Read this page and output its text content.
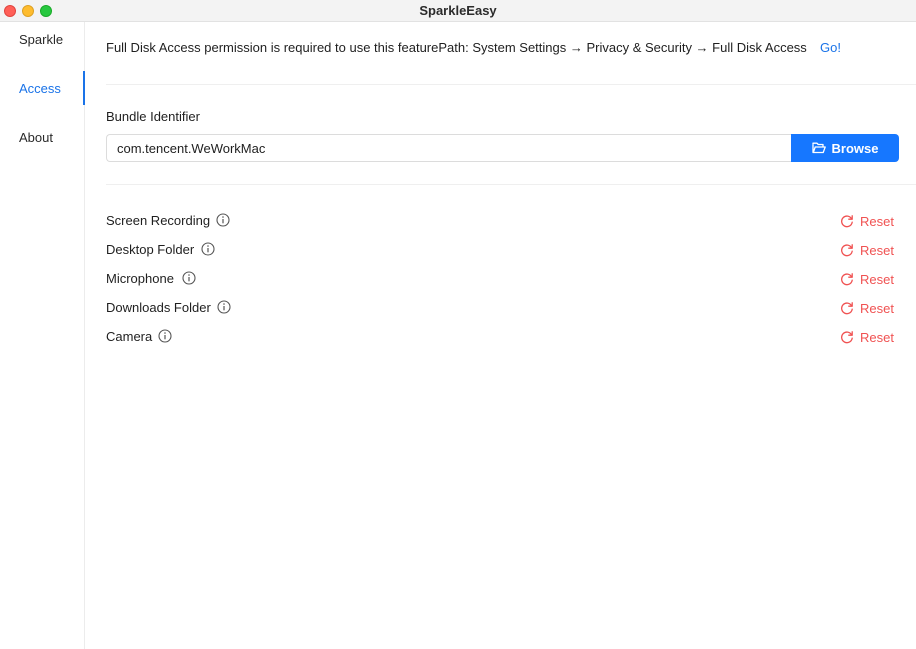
SparkleEasy
Sparkle
Access
About
Full Disk Access permission is required to use this featurePath: System Settings → Privacy & Security → Full Disk Access Go!
Bundle Identifier
com.tencent.WeWorkMac
Browse
Screen Recording	Reset
Desktop Folder	Reset
Microphone	Reset
Downloads Folder	Reset
Camera	Reset
